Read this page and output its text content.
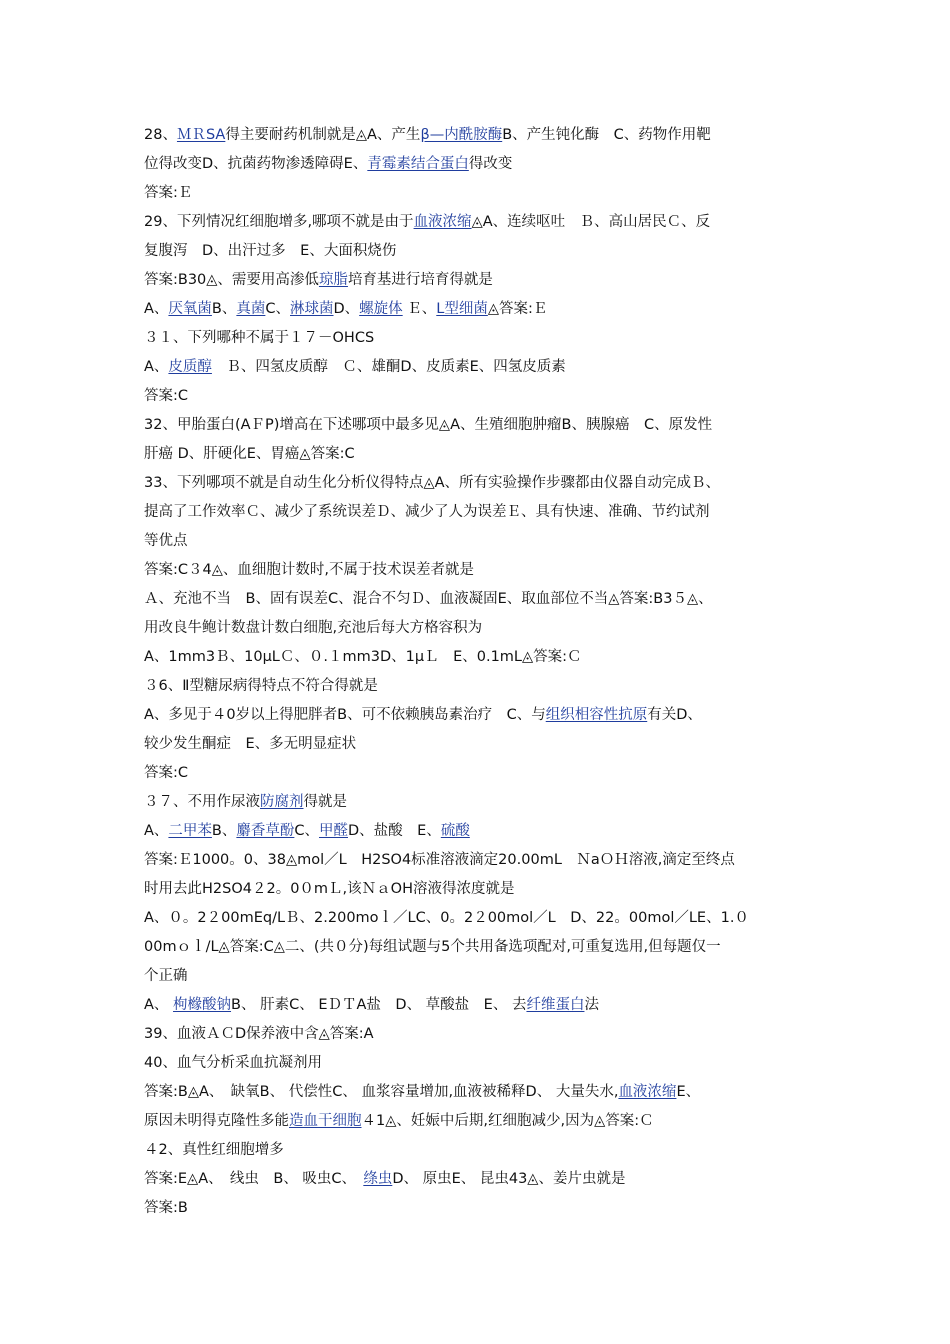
28、ＭＲSA得主要耐药机制就是◬A、产生β—内酰胺酶B、产生钝化酶　C、药物作用靶
位得改变D、抗菌药物渗透障碍E、青霉素结合蛋白得改变
答案:Ｅ
29、下列情况红细胞增多,哪项不就是由于血液浓缩◬A、连续呕吐　Ｂ、高山居民Ｃ、反
复腹泻　D、出汗过多　E、大面积烧伤
答案:B30◬、需要用高渗低琼脂培育基进行培育得就是
A、厌氧菌B、真菌C、淋球菌D、螺旋体 Ｅ、L型细菌◬答案:Ｅ
３１、下列哪种不属于１７－OHCS
A、皮质醇　Ｂ、四氢皮质醇　Ｃ、雄酮D、皮质素E、四氢皮质素
答案:C
32、甲胎蛋白(AＦP)增高在下述哪项中最多见◬A、生殖细胞肿瘤B、胰腺癌　C、原发性
肝癌 D、肝硬化E、胃癌◬答案:C
33、下列哪项不就是自动生化分析仪得特点◬A、所有实验操作步骤都由仪器自动完成Ｂ、
提高了工作效率Ｃ、减少了系统误差Ｄ、减少了人为误差Ｅ、具有快速、准确、节约试剂
等优点
答案:C３4◬、血细胞计数时,不属于技术误差者就是
Ａ、充池不当　B、固有误差C、混合不匀Ｄ、血液凝固E、取血部位不当◬答案:B3５◬、
用改良牛鲍计数盘计数白细胞,充池后每大方格容积为
A、1mm3Ｂ、10μLＣ、０.１mm3D、1μＬ　E、0.1mL◬答案:Ｃ
３6、Ⅱ型糖尿病得特点不符合得就是
A、多见于４0岁以上得肥胖者B、可不依赖胰岛素治疗　C、与组织相容性抗原有关D、
较少发生酮症　E、多无明显症状
答案:C
３７、不用作尿液防腐剂得就是
A、二甲苯B、麝香草酚C、甲醛D、盐酸　E、硫酸
答案:Ｅ1000。0、38◬mol／L　H2SO4标准溶液滴定20.00mL　ＮaＯＨ溶液,滴定至终点
时用去此H2SO4２2。0０mＬ,该ＮａOH溶液得浓度就是
A、０。2２00mEq/LＢ、2.200moｌ／LC、0。2２00mol／L　D、22。00mol／LE、1.０
00mｏｌ/L◬答案:C◬二、(共０分)每组试题与5个共用备选项配对,可重复选用,但每题仅一
个正确
A、 枸橼酸钠B、 肝素C、 EＤＴA盐　D、 草酸盐　E、 去纤维蛋白法
39、血液ＡＣD保养液中含◬答案:A
40、血气分析采血抗凝剂用
答案:B◬A、　缺氧B、 代偿性C、 血浆容量增加,血液被稀释D、 大量失水,血液浓缩E、
原因未明得克隆性多能造血干细胞４1◬、妊娠中后期,红细胞减少,因为◬答案:Ｃ
４2、真性红细胞增多
答案:E◬A、　线虫　B、 吸虫C、　绦虫D、 原虫E、 昆虫43◬、姜片虫就是
答案:B
